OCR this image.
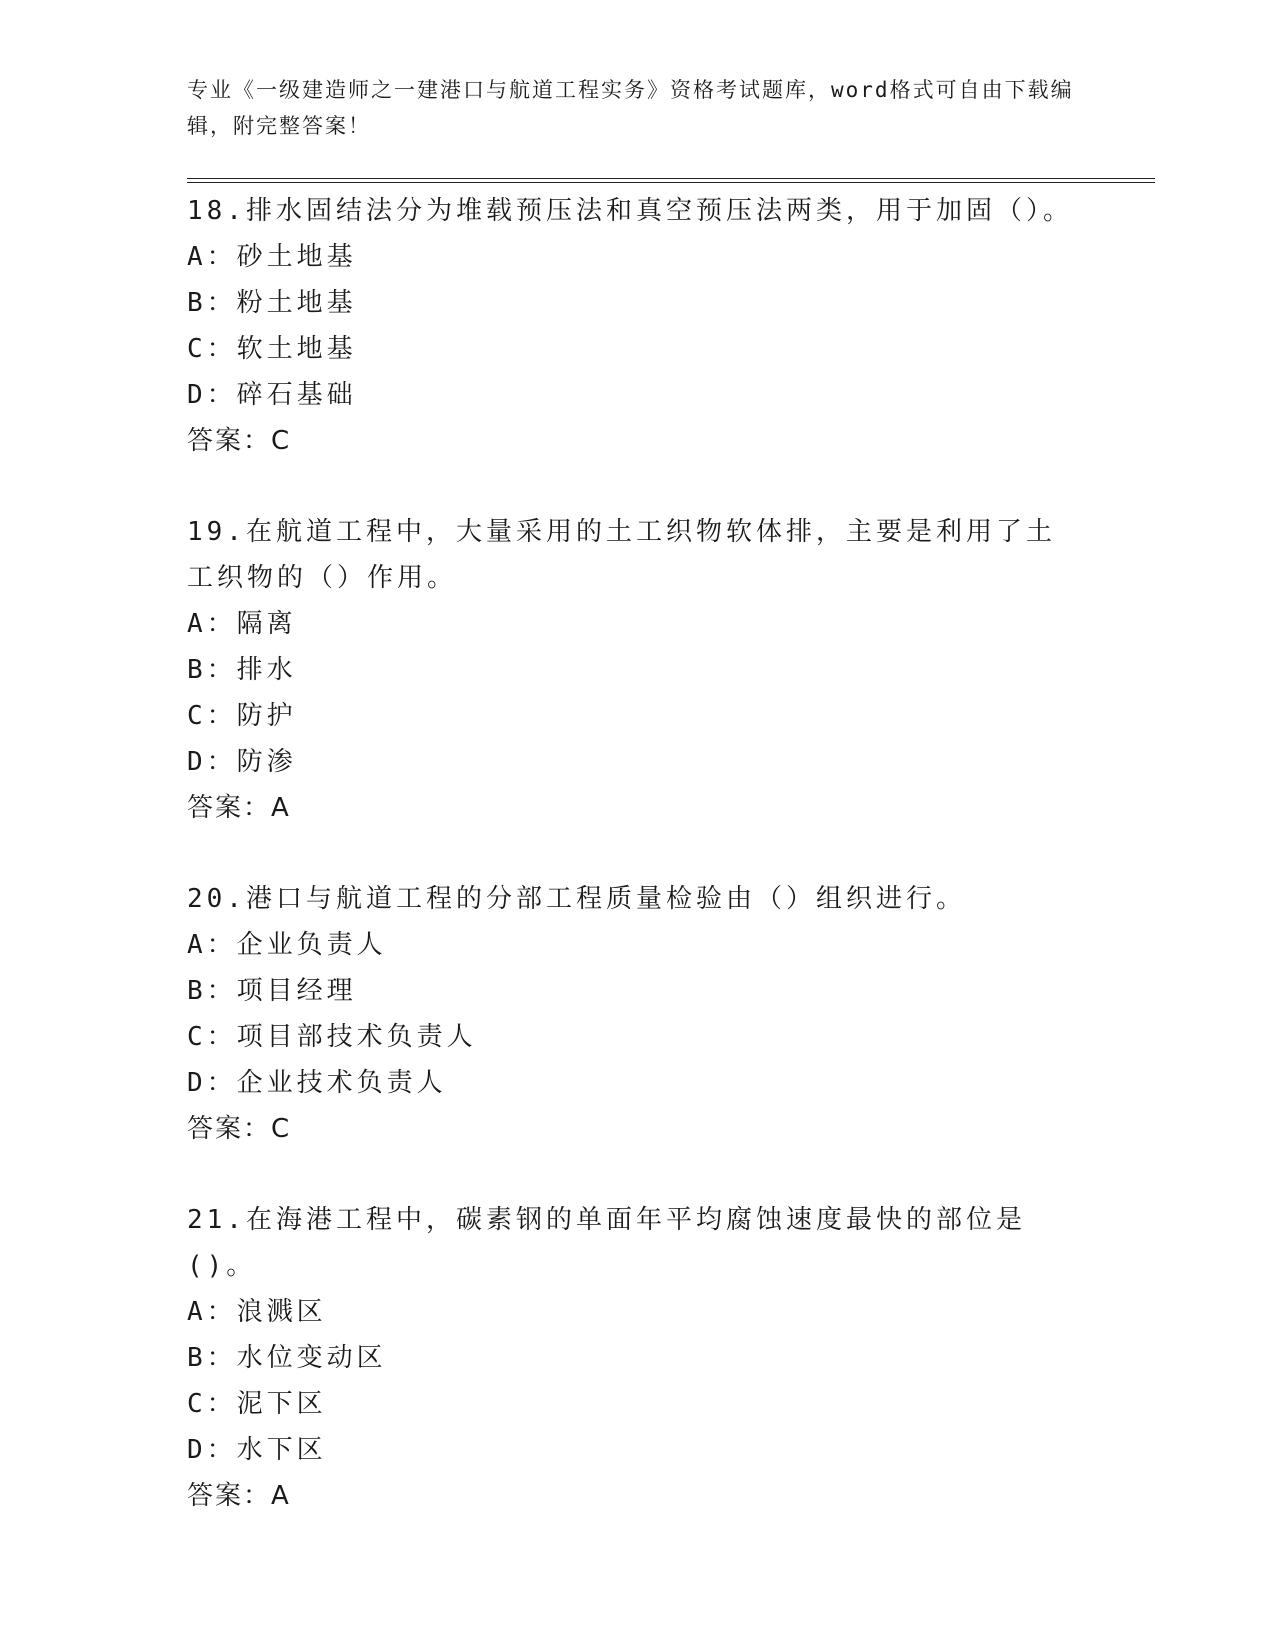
专业《一级建造师之一建港口与航道工程实务》资格考试题库，word格式可自由下载编辑，附完整答案！
18.排水固结法分为堆载预压法和真空预压法两类，用于加固（）。
A：砂土地基
B：粉土地基
C：软土地基
D：碎石基础
答案：C
19.在航道工程中，大量采用的土工织物软体排，主要是利用了土工织物的（）作用。
A：隔离
B：排水
C：防护
D：防渗
答案：A
20.港口与航道工程的分部工程质量检验由（）组织进行。
A：企业负责人
B：项目经理
C：项目部技术负责人
D：企业技术负责人
答案：C
21.在海港工程中，碳素钢的单面年平均腐蚀速度最快的部位是()。
A：浪溅区
B：水位变动区
C：泥下区
D：水下区
答案：A
